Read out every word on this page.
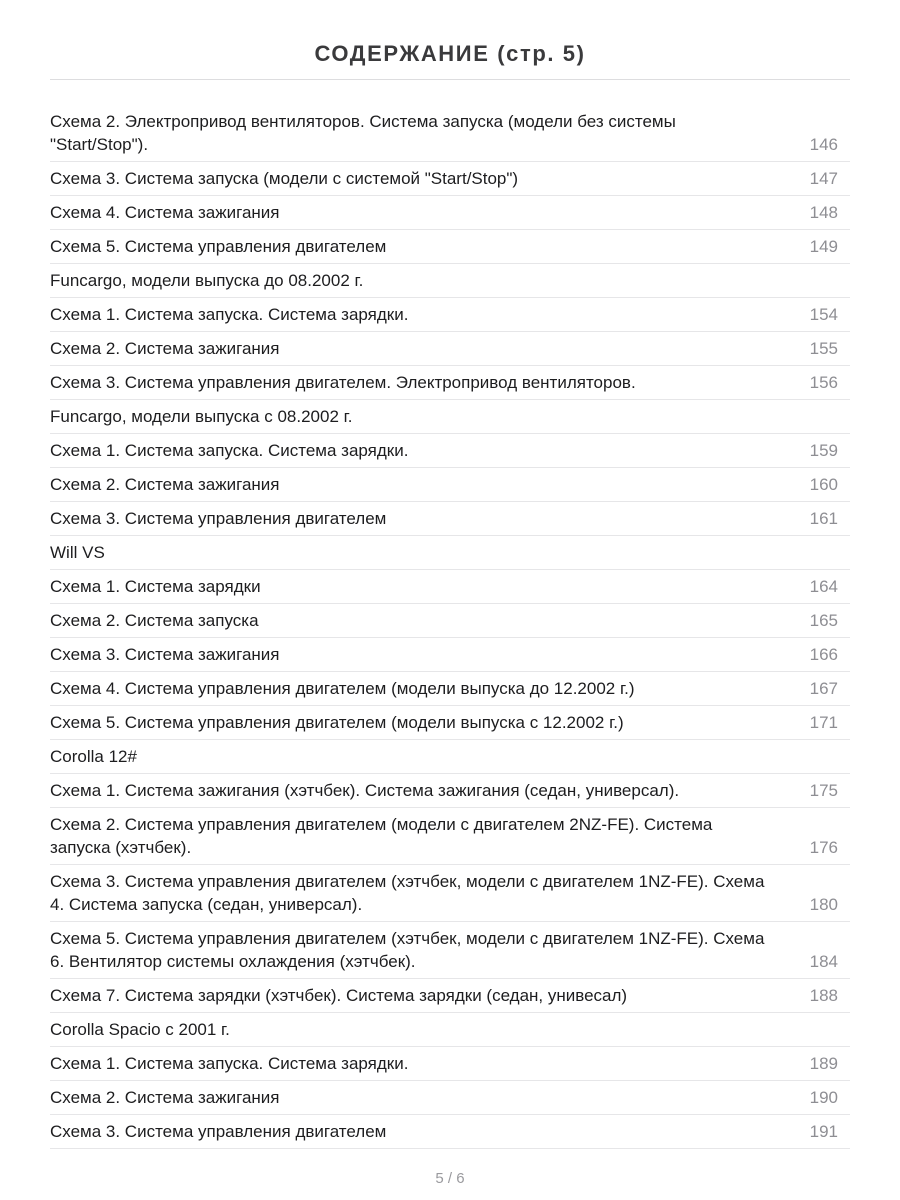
СОДЕРЖАНИЕ (стр. 5)
Схема 2. Электропривод вентиляторов. Система запуска (модели без системы "Start/Stop").	146
Схема 3. Система запуска (модели с системой "Start/Stop")	147
Схема 4. Система зажигания	148
Схема 5. Система управления двигателем	149
Funcargo, модели выпуска до 08.2002 г.
Схема 1. Система запуска. Система зарядки.	154
Схема 2. Система зажигания	155
Схема 3. Система управления двигателем. Электропривод вентиляторов.	156
Funcargo, модели выпуска с 08.2002 г.
Схема 1. Система запуска. Система зарядки.	159
Схема 2. Система зажигания	160
Схема 3. Система управления двигателем	161
Will VS
Схема 1. Система зарядки	164
Схема 2. Система запуска	165
Схема 3. Система зажигания	166
Схема 4. Система управления двигателем (модели выпуска до 12.2002 г.)	167
Схема 5. Система управления двигателем (модели выпуска с 12.2002 г.)	171
Corolla 12#
Схема 1. Система зажигания (хэтчбек). Система зажигания (седан, универсал).	175
Схема 2. Система управления двигателем (модели с двигателем 2NZ-FE). Система запуска (хэтчбек).	176
Схема 3. Система управления двигателем (хэтчбек, модели с двигателем 1NZ-FE). Схема 4. Система запуска (седан, универсал).	180
Схема 5. Система управления двигателем (хэтчбек, модели с двигателем 1NZ-FE). Схема 6. Вентилятор системы охлаждения (хэтчбек).	184
Схема 7. Система зарядки (хэтчбек). Система зарядки (седан, унивесал)	188
Corolla Spacio с 2001 г.
Схема 1. Система запуска. Система зарядки.	189
Схема 2. Система зажигания	190
Схема 3. Система управления двигателем	191
5 / 6
